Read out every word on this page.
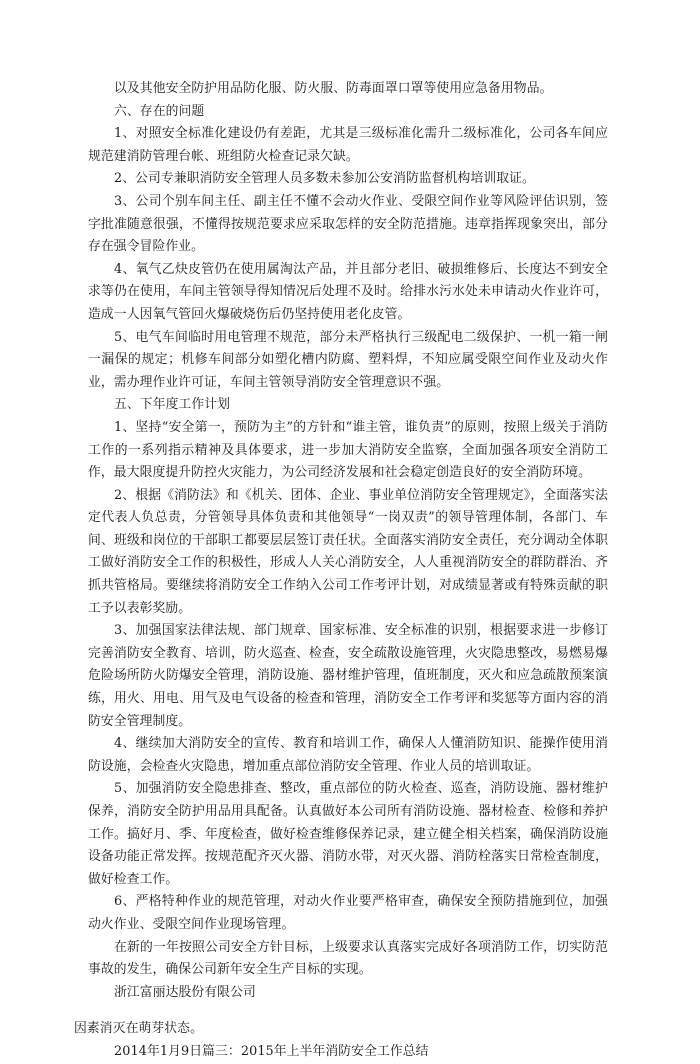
以及其他安全防护用品防化服、防火服、防毒面罩口罩等使用应急备用物品。

六、存在的问题

1、对照安全标准化建设仍有差距，尤其是三级标准化需升二级标准化，公司各车间应规范建消防管理台帐、班组防火检查记录欠缺。

2、公司专兼职消防安全管理人员多数未参加公安消防监督机构培训取证。

3、公司个别车间主任、副主任不懂不会动火作业、受限空间作业等风险评估识别，签字批准随意很强，不懂得按规范要求应采取怎样的安全防范措施。违章指挥现象突出，部分存在强令冒险作业。

4、氧气乙炔皮管仍在使用属淘汰产品，并且部分老旧、破损维修后、长度达不到安全求等仍在使用，车间主管领导得知情况后处理不及时。给排水污水处未申请动火作业许可，造成一人因氧气管回火爆破烧伤后仍坚持使用老化皮管。

5、电气车间临时用电管理不规范，部分未严格执行三级配电二级保护、一机一箱一闸一漏保的规定；机修车间部分如塑化槽内防腐、塑料焊，不知应属受限空间作业及动火作业，需办理作业许可证，车间主管领导消防安全管理意识不强。

五、下年度工作计划

1、坚持“安全第一，预防为主”的方针和“谁主管，谁负责”的原则，按照上级关于消防工作的一系列指示精神及具体要求，进一步加大消防安全监察，全面加强各项安全消防工作，最大限度提升防控火灾能力，为公司经济发展和社会稳定创造良好的安全消防环境。

2、根据《消防法》和《机关、团体、企业、事业单位消防安全管理规定》，全面落实法定代表人负总责，分管领导具体负责和其他领导“一岗双责”的领导管理体制，各部门、车间、班级和岗位的干部职工都要层层签订责任状。全面落实消防安全责任，充分调动全体职工做好消防安全工作的积极性，形成人人关心消防安全，人人重视消防安全的群防群治、齐抓共管格局。要继续将消防安全工作纳入公司工作考评计划，对成绩显著或有特殊贡献的职工予以表彰奖励。

3、加强国家法律法规、部门规章、国家标准、安全标准的识别，根据要求进一步修订完善消防安全教育、培训，防火巡查、检查，安全疏散设施管理，火灾隐患整改，易燃易爆危险场所防火防爆安全管理，消防设施、器材维护管理，值班制度，灭火和应急疏散预案演练，用火、用电、用气及电气设备的检查和管理，消防安全工作考评和奖惩等方面内容的消防安全管理制度。

4、继续加大消防安全的宣传、教育和培训工作，确保人人懂消防知识、能操作使用消防设施，会检查火灾隐患，增加重点部位消防安全管理、作业人员的培训取证。

5、加强消防安全隐患排查、整改，重点部位的防火检查、巡查，消防设施、器材维护保养，消防安全防护用品用具配备。认真做好本公司所有消防设施、器材检查、检修和养护工作。搞好月、季、年度检查，做好检查维修保养记录，建立健全相关档案，确保消防设施设备功能正常发挥。按规范配齐灭火器、消防水带，对灭火器、消防栓落实日常检查制度，做好检查工作。

6、严格特种作业的规范管理，对动火作业要严格审查，确保安全预防措施到位，加强动火作业、受限空间作业现场管理。

在新的一年按照公司安全方针目标，上级要求认真落实完成好各项消防工作，切实防范事故的发生，确保公司新年安全生产目标的实现。

浙江富丽达股份有限公司

因素消灭在萌芽状态。

2014年1月9日篇三：2015年上半年消防安全工作总结
